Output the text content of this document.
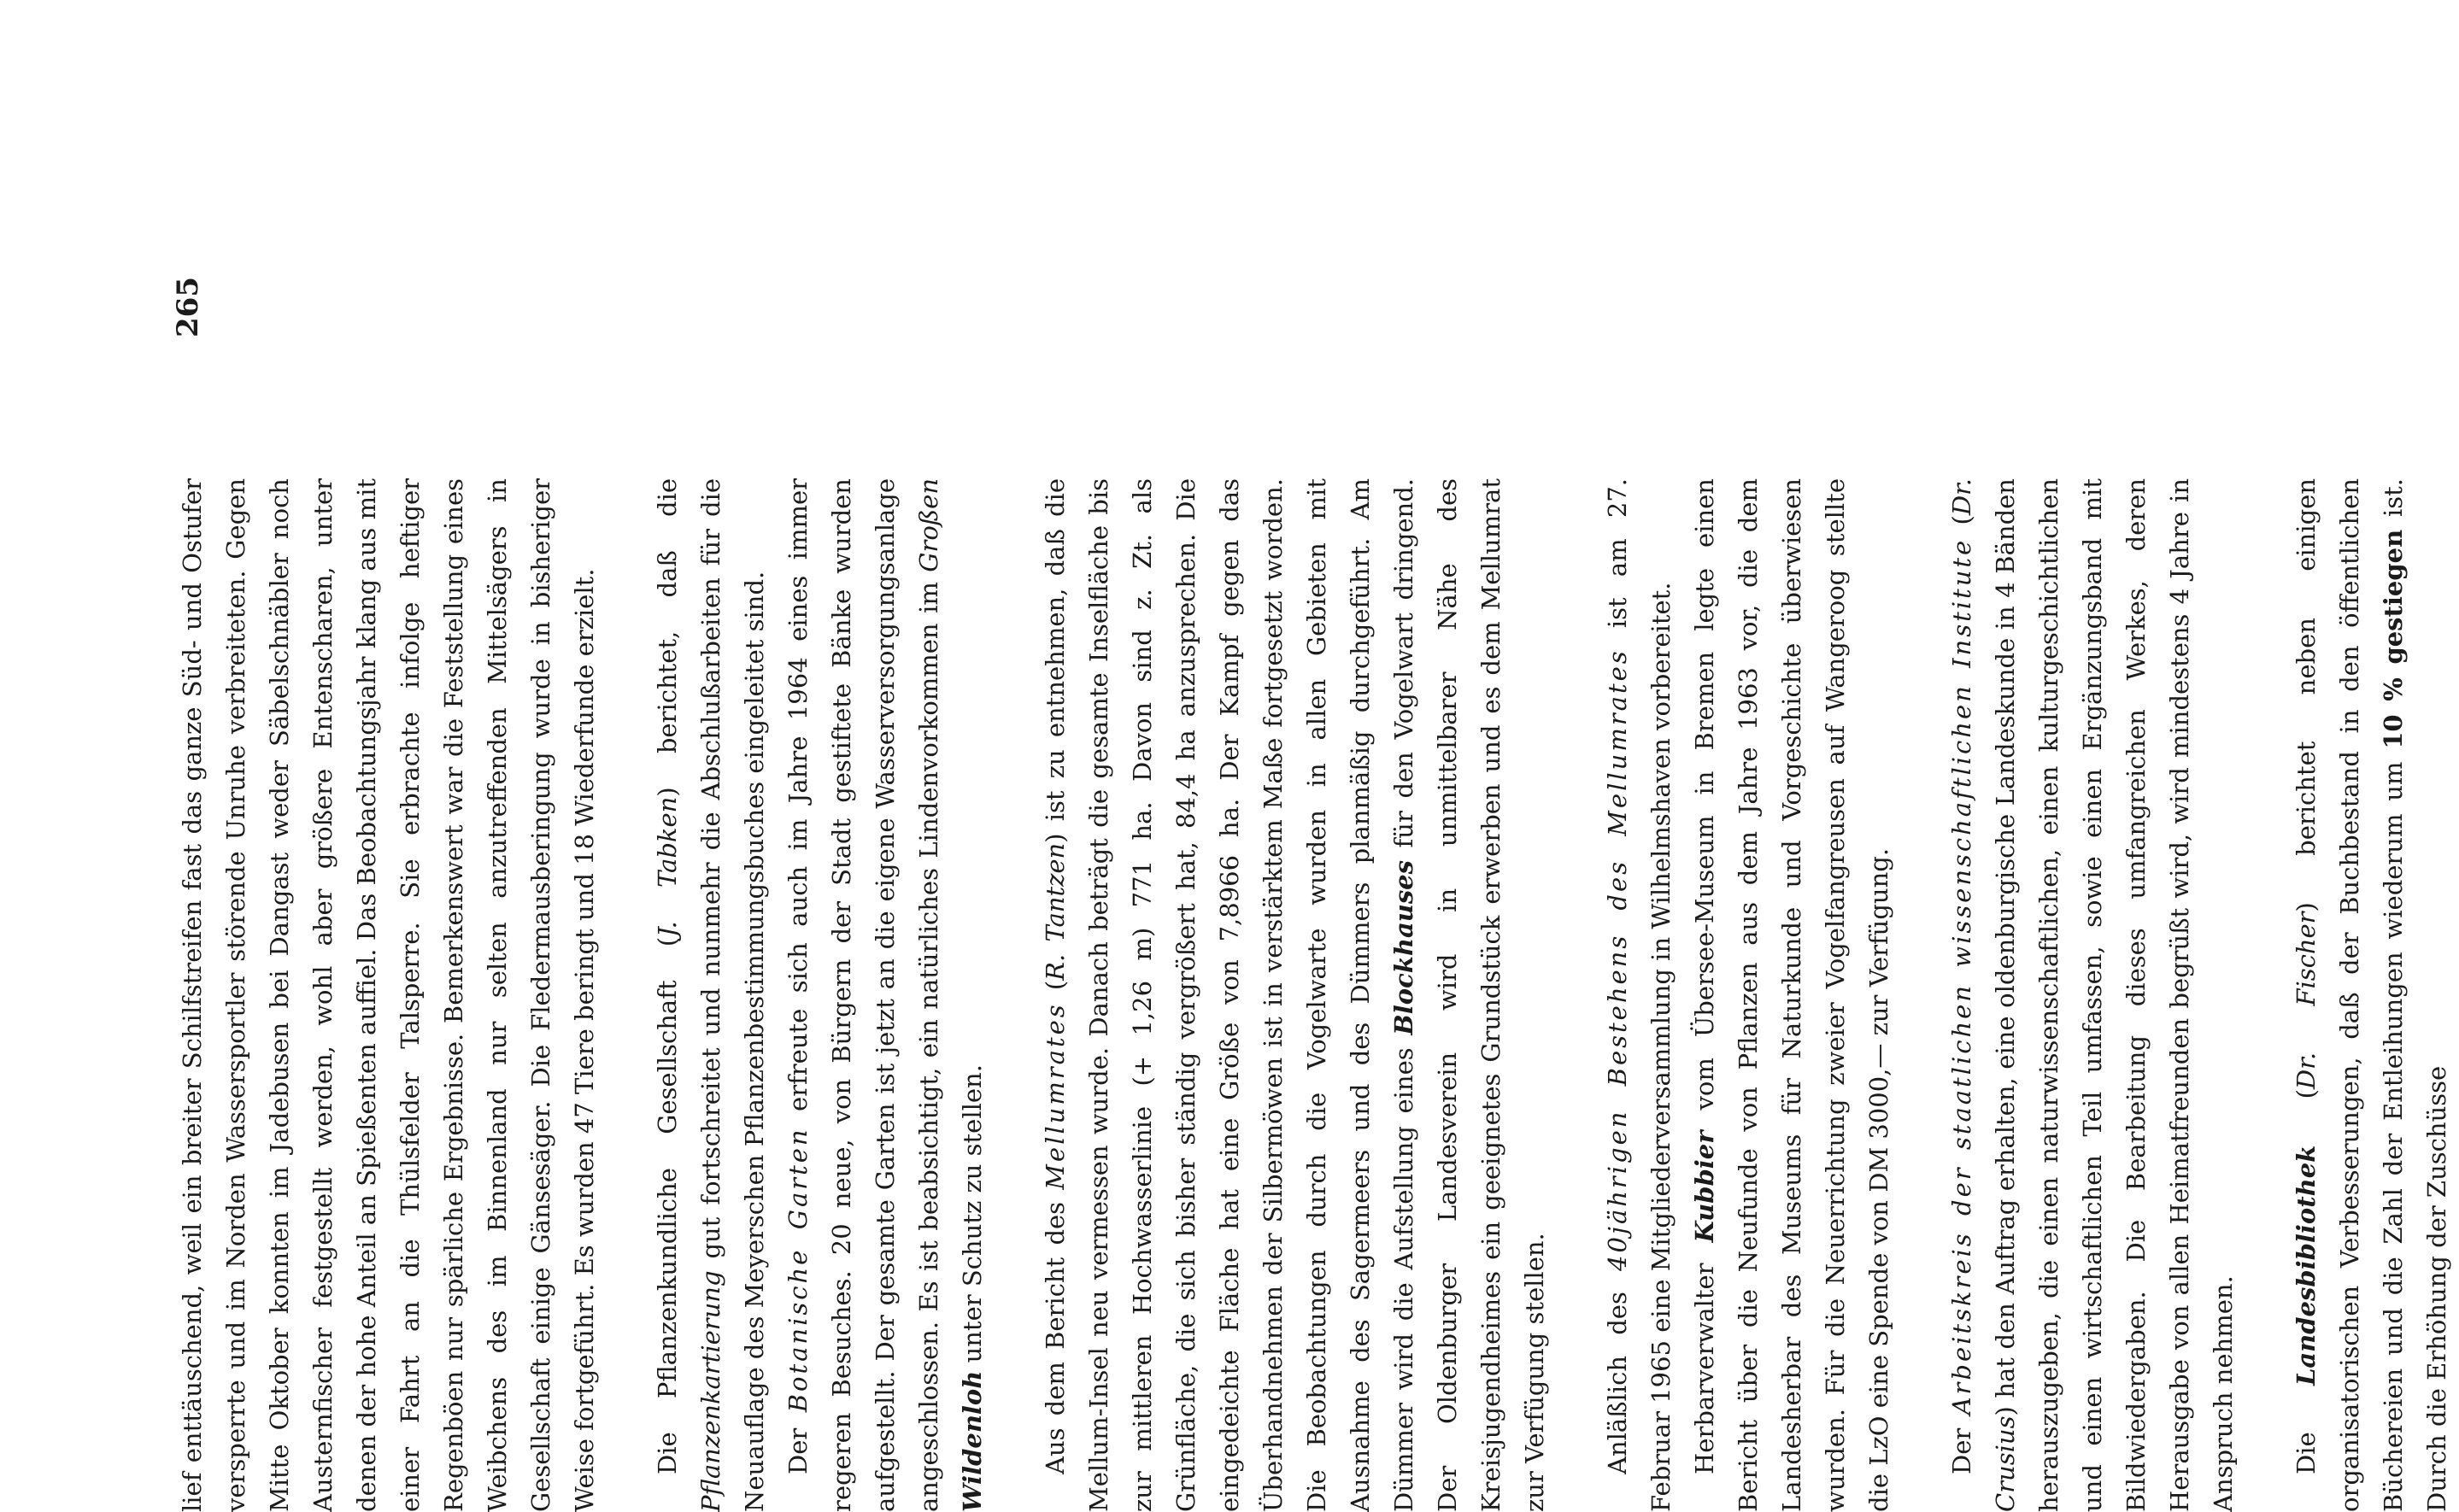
lief enttäuschend, weil ein breiter Schilfstreifen fast das ganze Süd- und Ostufer versperrte und im Norden Wassersportler störende Unruhe verbreiteten. Gegen Mitte Oktober konnten im Jadebusen bei Dangast weder Säbelschnäbler noch Austernfischer festgestellt werden, wohl aber größere Entenscharen, unter denen der hohe Anteil an Spießenten auffiel. Das Beobachtungsjahr klang aus mit einer Fahrt an die Thülsfelder Talsperre. Sie erbrachte infolge heftiger Regenböen nur spärliche Ergebnisse. Bemerkenswert war die Feststellung eines Weibchens des im Binnenland nur selten anzutreffenden Mittelsägers in Gesellschaft einige Gänsesäger. Die Fledermausberingung wurde in bisheriger Weise fortgeführt. Es wurden 47 Tiere beringt und 18 Wiederfunde erzielt.	Die Pflanzenkundliche Gesellschaft (J. Tabken) berichtet, daß die Pflanzenkartierung gut fortschreitet und nunmehr die Abschlußarbeiten für die Neuauflage des Meyerschen Pflanzenbestimmungsbuches eingeleitet sind. Der Botanische Garten erfreute sich auch im Jahre 1964 eines immer regeren Besuches. 20 neue, von Bürgern der Stadt gestiftete Bänke wurden aufgestellt. Der gesamte Garten ist jetzt an die eigene Wasserversorgungsanlage angeschlossen. Es ist beabsichtigt, ein natürliches Lindenvorkommen im Großen Wildenloh unter Schutz zu stellen.	Aus dem Bericht des Mellumrates (R. Tantzen) ist zu entnehmen, daß die Mellum-Insel neu vermessen wurde. Danach beträgt die gesamte Inselfläche bis zur mittleren Hochwasserlinie (+ 1,26 m) 771 ha. Davon sind z. Zt. als Grünfläche, die sich bisher ständig vergrößert hat, 84,4 ha anzusprechen. Die eingedeichte Fläche hat eine Größe von 7,8966 ha. Der Kampf gegen das Überhandnehmen der Silbermöwen ist in verstärktem Maße fortgesetzt worden. Die Beobachtungen durch die Vogelwarte wurden in allen Gebieten mit Ausnahme des Sagermeers und des Dümmers planmäßig durchgeführt. Am Dümmer wird die Aufstellung eines Blockhauses für den Vogelwart dringend. Der Oldenburger Landesverein wird in unmittelbarer Nähe des Kreisjugendheimes ein geeignetes Grundstück erwerben und es dem Mellumrat zur Verfügung stellen.	Anläßlich des 40jährigen Bestehens des Mellumrates ist am 27. Februar 1965 eine Mitgliederversammlung in Wilhelmshaven vorbereitet. Herbarverwalter Kubbier vom Übersee-Museum in Bremen legte einen Bericht über die Neufunde von Pflanzen aus dem Jahre 1963 vor, die dem Landesherbar des Museums für Naturkunde und Vorgeschichte überwiesen wurden. Für die Neuerrichtung zweier Vogelfangreusen auf Wangeroog stellte die LzO eine Spende von DM 3000,— zur Verfügung.	Der Arbeitskreis der staatlichen wissenschaftlichen Institute (Dr. Crusius) hat den Auftrag erhalten, eine oldenburgische Landeskunde in 4 Bänden herauszugeben, die einen naturwissenschaftlichen, einen kulturgeschichtlichen und einen wirtschaftlichen Teil umfassen, sowie einen Ergänzungsband mit Bildwiedergaben. Die Bearbeitung dieses umfangreichen Werkes, deren Herausgabe von allen Heimatfreunden begrüßt wird, wird mindestens 4 Jahre in Anspruch nehmen.	Die Landesbibliothek (Dr. Fischer) berichtet neben einigen organisatorischen Verbesserungen, daß der Buchbestand in den öffentlichen Büchereien und die Zahl der Entleihungen wiederum um 10 % gestiegen ist. Durch die Erhöhung der Zuschüsse

265
